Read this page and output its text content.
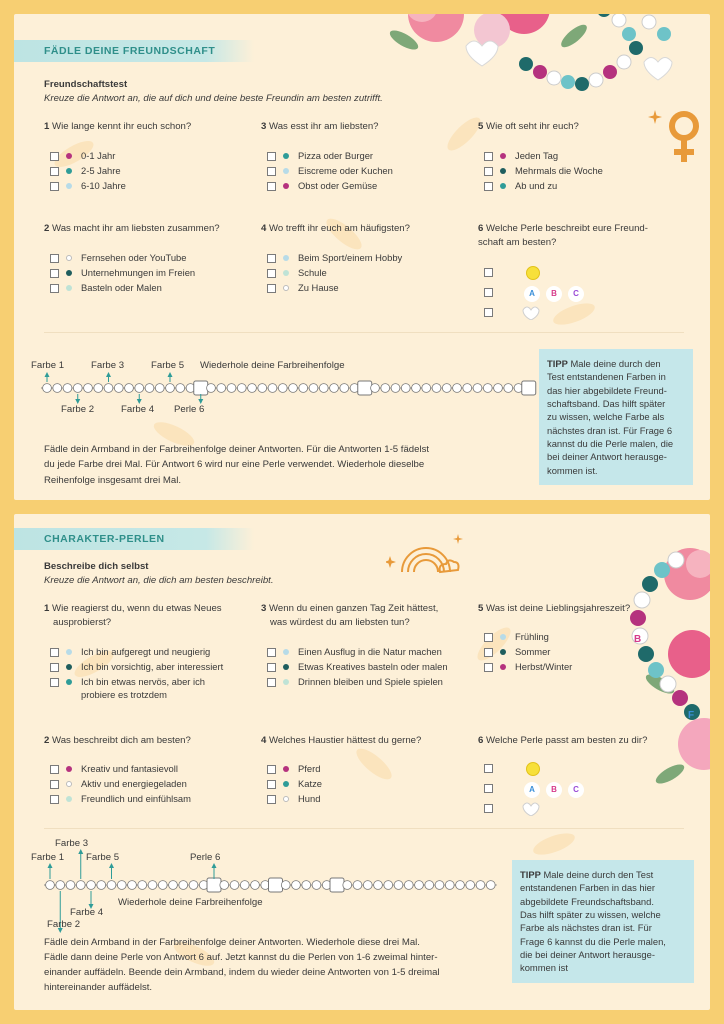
FÄDLE DEINE FREUNDSCHAFT
Freundschaftstest
Kreuze die Antwort an, die auf dich und deine beste Freundin am besten zutrifft.
1 Wie lange kennt ihr euch schon?
0-1 Jahr
2-5 Jahre
6-10 Jahre
3 Was esst ihr am liebsten?
Pizza oder Burger
Eiscreme oder Kuchen
Obst oder Gemüse
5 Wie oft seht ihr euch?
Jeden Tag
Mehrmals die Woche
Ab und zu
2 Was macht ihr am liebsten zusammen?
Fernsehen oder YouTube
Unternehmungen im Freien
Basteln oder Malen
4 Wo trefft ihr euch am häufigsten?
Beim Sport/einem Hobby
Schule
Zu Hause
6 Welche Perle beschreibt eure Freund-
schaft am besten?
A	B	C
Farbe 1	Farbe 3	Farbe 5 Wiederhole deine Farbreihenfolge
Farbe 2	Farbe 4 Perle 6
Fädle dein Armband in der Farbreihenfolge deiner Antworten. Für die Antworten 1-5 fädelst
du jede Farbe drei Mal. Für Antwort 6 wird nur eine Perle verwendet. Wiederhole dieselbe
Reihenfolge insgesamt drei Mal.
TIPP Male deine durch den
Test entstandenen Farben in
das hier abgebildete Freund-
schaftsband. Das hilft später
zu wissen, welche Farbe als
nächstes dran ist. Für Frage 6
kannst du die Perle malen, die
bei deiner Antwort herausge-
kommen ist.
CHARAKTER-PERLEN
B
F
Beschreibe dich selbst
Kreuze die Antwort an, die dich am besten beschreibt.
1 Wie reagierst du, wenn du etwas Neues
ausprobierst?
Ich bin aufgeregt und neugierig
Ich bin vorsichtig, aber interessiert
Ich bin etwas nervös, aber ich
probiere es trotzdem
3 Wenn du einen ganzen Tag Zeit hättest,
was würdest du am liebsten tun?
Einen Ausflug in die Natur machen
Etwas Kreatives basteln oder malen
Drinnen bleiben und Spiele spielen
5 Was ist deine Lieblingsjahreszeit?
Frühling
Sommer
Herbst/Winter
2 Was beschreibt dich am besten?
Kreativ und fantasievoll
Aktiv und energiegeladen
Freundlich und einfühlsam
4 Welches Haustier hättest du gerne?
Pferd
Katze
Hund
6 Welche Perle passt am besten zu dir?
A	B	C
Farbe 3
Farbe 1 Farbe 5	Perle 6
Wiederhole deine Farbreihenfolge
Farbe 4
Farbe 2
Fädle dein Armband in der Farbreihenfolge deiner Antworten. Wiederhole diese drei Mal.
Fädle dann deine Perle von Antwort 6 auf. Jetzt kannst du die Perlen von 1-6 zweimal hinter-
einander auffädeln. Beende dein Armband, indem du wieder deine Antworten von 1-5 dreimal
hintereinander auffädelst.
TIPP Male deine durch den Test
entstandenen Farben in das hier
abgebildete Freundschaftsband.
Das hilft später zu wissen, welche
Farbe als nächstes dran ist. Für
Frage 6 kannst du die Perle malen,
die bei deiner Antwort herausge-
kommen ist
